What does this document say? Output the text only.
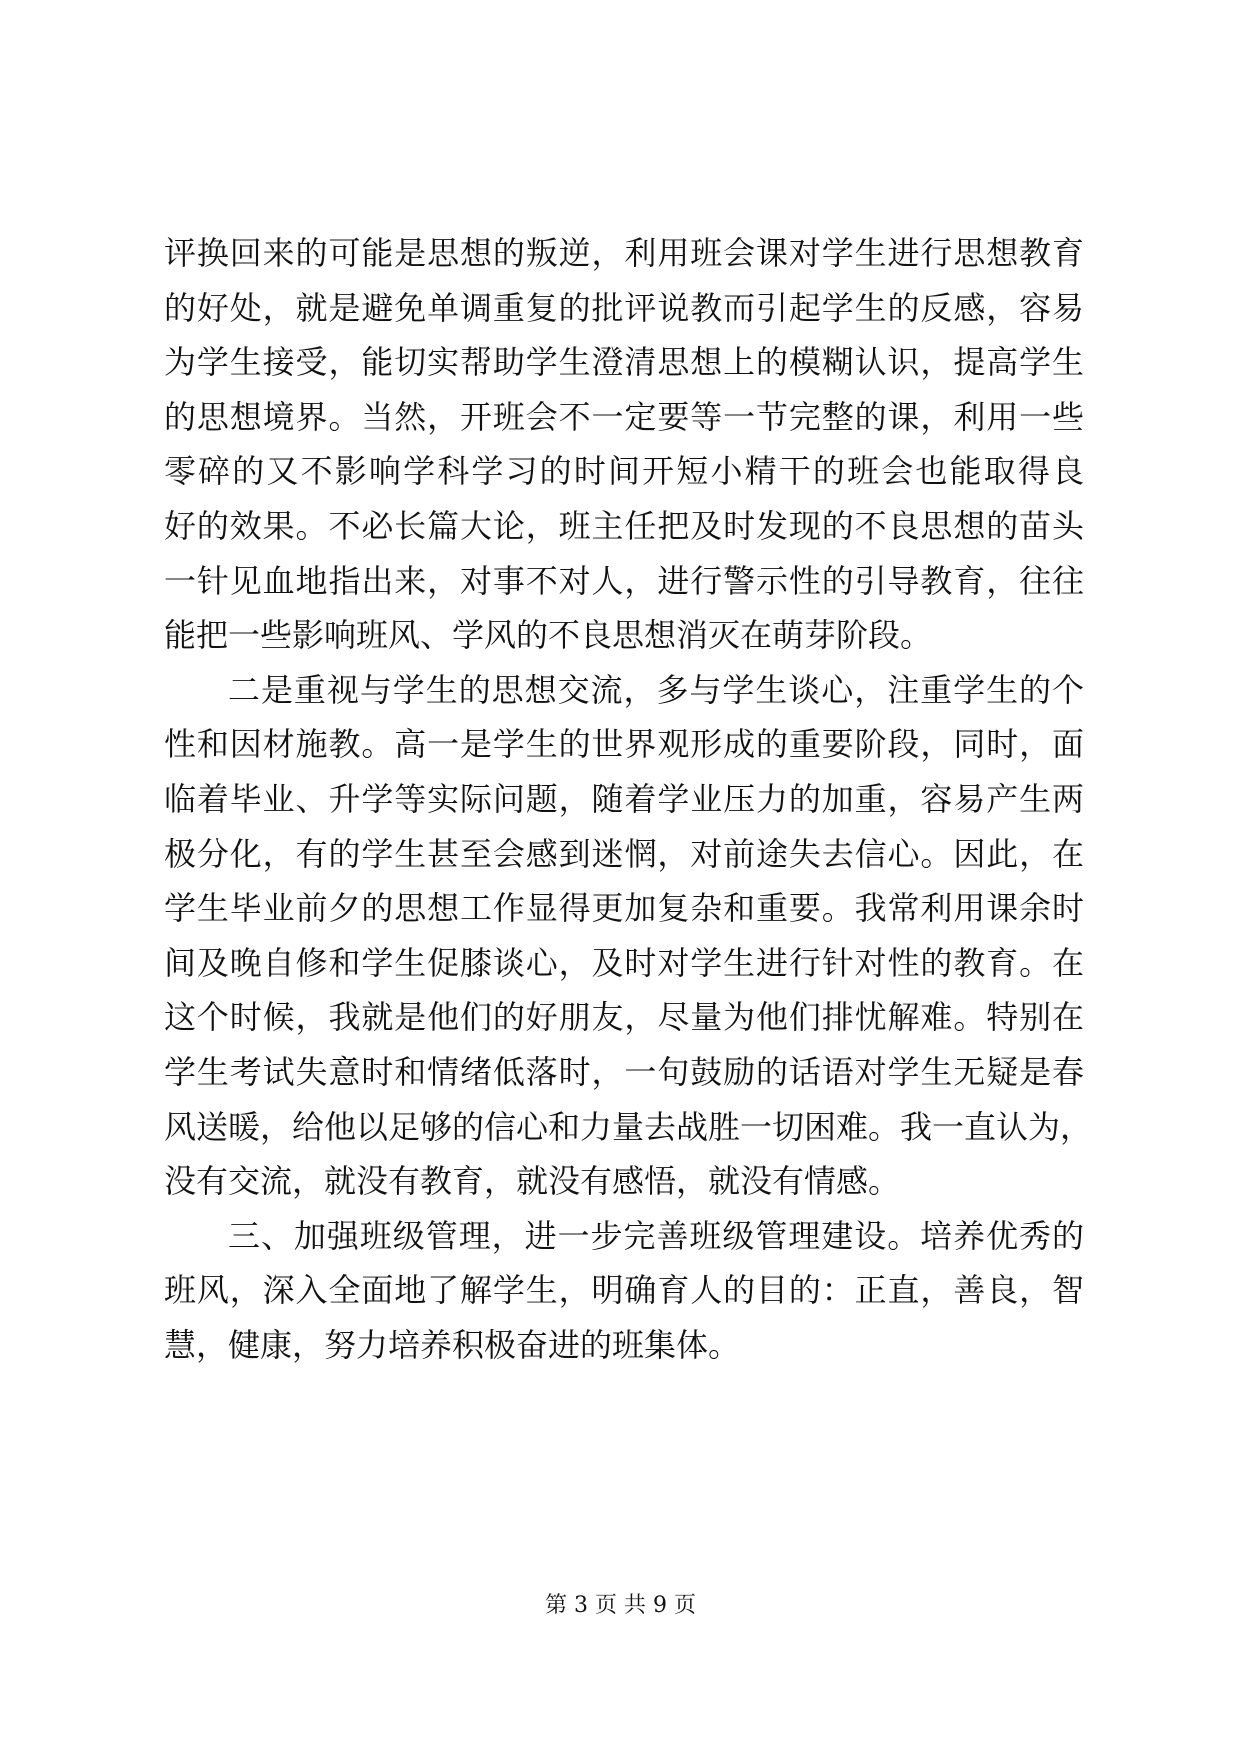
评换回来的可能是思想的叛逆，利用班会课对学生进行思想教育
的好处，就是避免单调重复的批评说教而引起学生的反感，容易
为学生接受，能切实帮助学生澄清思想上的模糊认识，提高学生
的思想境界。当然，开班会不一定要等一节完整的课，利用一些
零碎的又不影响学科学习的时间开短小精干的班会也能取得良
好的效果。不必长篇大论，班主任把及时发现的不良思想的苗头
一针见血地指出来，对事不对人，进行警示性的引导教育，往往
能把一些影响班风、学风的不良思想消灭在萌芽阶段。
二是重视与学生的思想交流，多与学生谈心，注重学生的个
性和因材施教。高一是学生的世界观形成的重要阶段，同时，面
临着毕业、升学等实际问题，随着学业压力的加重，容易产生两
极分化，有的学生甚至会感到迷惘，对前途失去信心。因此，在
学生毕业前夕的思想工作显得更加复杂和重要。我常利用课余时
间及晚自修和学生促膝谈心，及时对学生进行针对性的教育。在
这个时候，我就是他们的好朋友，尽量为他们排忧解难。特别在
学生考试失意时和情绪低落时，一句鼓励的话语对学生无疑是春
风送暖，给他以足够的信心和力量去战胜一切困难。我一直认为，
没有交流，就没有教育，就没有感悟，就没有情感。
三、加强班级管理，进一步完善班级管理建设。培养优秀的
班风，深入全面地了解学生，明确育人的目的：正直，善良，智
慧，健康，努力培养积极奋进的班集体。
第 3 页 共 9 页
